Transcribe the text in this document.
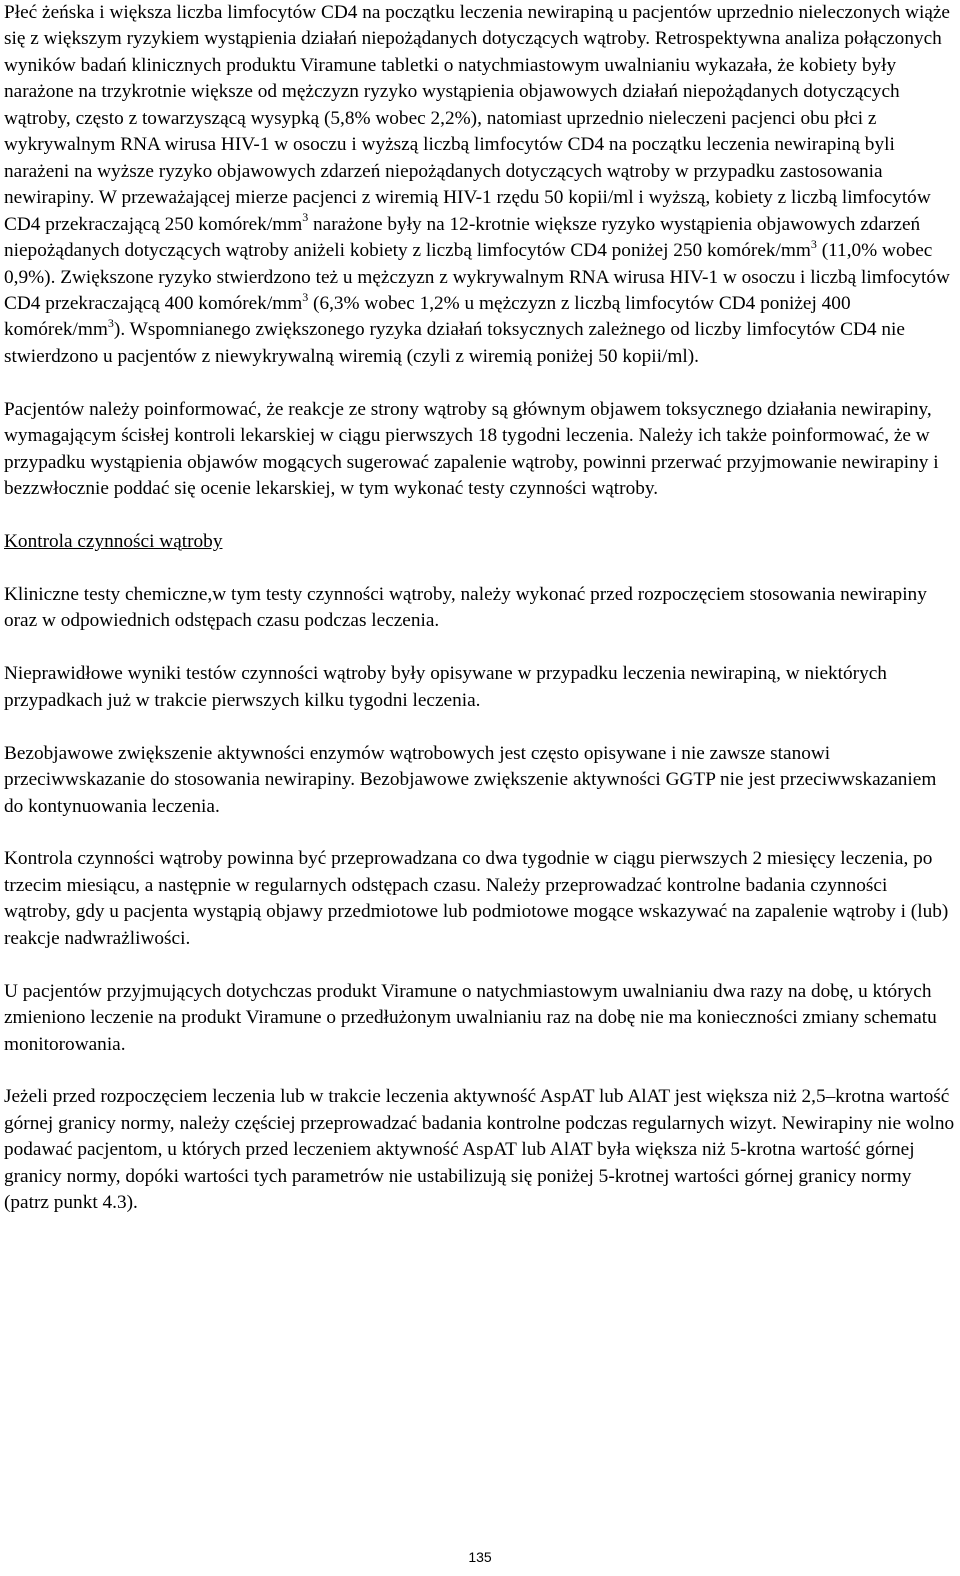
Płeć żeńska i większa liczba limfocytów CD4 na początku leczenia newirapiną u pacjentów uprzednio nieleczonych wiąże się z większym ryzykiem wystąpienia działań niepożądanych dotyczących wątroby. Retrospektywna analiza połączonych wyników badań klinicznych produktu Viramune tabletki o natychmiastowym uwalnianiu wykazała, że kobiety były narażone na trzykrotnie większe od mężczyzn ryzyko wystąpienia objawowych działań niepożądanych dotyczących wątroby, często z towarzyszącą wysypką (5,8% wobec 2,2%), natomiast uprzednio nieleczeni pacjenci obu płci z wykrywalnym RNA wirusa HIV-1 w osoczu i wyższą liczbą limfocytów CD4 na początku leczenia newirapiną byli narażeni na wyższe ryzyko objawowych zdarzeń niepożądanych dotyczących wątroby w przypadku zastosowania newirapiny. W przeważającej mierze pacjenci z wiremią HIV-1 rzędu 50 kopii/ml i wyższą, kobiety z liczbą limfocytów CD4 przekraczającą 250 komórek/$mm^3$ narażone były na 12-krotnie większe ryzyko wystąpienia objawowych zdarzeń niepożądanych dotyczących wątroby aniżeli kobiety z liczbą limfocytów CD4 poniżej 250 komórek/$mm^3$ (11,0% wobec 0,9%). Zwiększone ryzyko stwierdzono też u mężczyzn z wykrywalnym RNA wirusa HIV-1 w osoczu i liczbą limfocytów CD4 przekraczającą 400 komórek/$mm^3$ (6,3% wobec 1,2% u mężczyzn z liczbą limfocytów CD4 poniżej 400 komórek/$mm^3$). Wspomnianego zwiększonego ryzyka działań toksycznych zależnego od liczby limfocytów CD4 nie stwierdzono u pacjentów z niewykrywalną wiremią (czyli z wiremią poniżej 50 kopii/ml).

Pacjentów należy poinformować, że reakcje ze strony wątroby są głównym objawem toksycznego działania newirapiny, wymagającym ścisłej kontroli lekarskiej w ciągu pierwszych 18 tygodni leczenia. Należy ich także poinformować, że w przypadku wystąpienia objawów mogących sugerować zapalenie wątroby, powinni przerwać przyjmowanie newirapiny i bezzwłocznie poddać się ocenie lekarskiej, w tym wykonać testy czynności wątroby.

Kontrola czynności wątroby

Kliniczne testy chemiczne,w tym testy czynności wątroby, należy wykonać przed rozpoczęciem stosowania newirapiny oraz w odpowiednich odstępach czasu podczas leczenia.

Nieprawidłowe wyniki testów czynności wątroby były opisywane w przypadku leczenia newirapiną, w niektórych przypadkach już w trakcie pierwszych kilku tygodni leczenia.

Bezobjawowe zwiększenie aktywności enzymów wątrobowych jest często opisywane i nie zawsze stanowi przeciwwskazanie do stosowania newirapiny. Bezobjawowe zwiększenie aktywności GGTP nie jest przeciwwskazaniem do kontynuowania leczenia.

Kontrola czynności wątroby powinna być przeprowadzana co dwa tygodnie w ciągu pierwszych 2 miesięcy leczenia, po trzecim miesiącu, a następnie w regularnych odstępach czasu. Należy przeprowadzać kontrolne badania czynności wątroby, gdy u pacjenta wystąpią objawy przedmiotowe lub podmiotowe mogące wskazywać na zapalenie wątroby i (lub) reakcje nadwrażliwości.

U pacjentów przyjmujących dotychczas produkt Viramune o natychmiastowym uwalnianiu dwa razy na dobę, u których zmieniono leczenie na produkt Viramune o przedłużonym uwalnianiu raz na dobę nie ma konieczności zmiany schematu monitorowania.

Jeżeli przed rozpoczęciem leczenia lub w trakcie leczenia aktywność AspAT lub AlAT jest większa niż 2,5–krotna wartość górnej granicy normy, należy częściej przeprowadzać badania kontrolne podczas regularnych wizyt. Newirapiny nie wolno podawać pacjentom, u których przed leczeniem aktywność AspAT lub AlAT była większa niż 5-krotna wartość górnej granicy normy, dopóki wartości tych parametrów nie ustabilizują się poniżej 5-krotnej wartości górnej granicy normy (patrz punkt 4.3).

135
